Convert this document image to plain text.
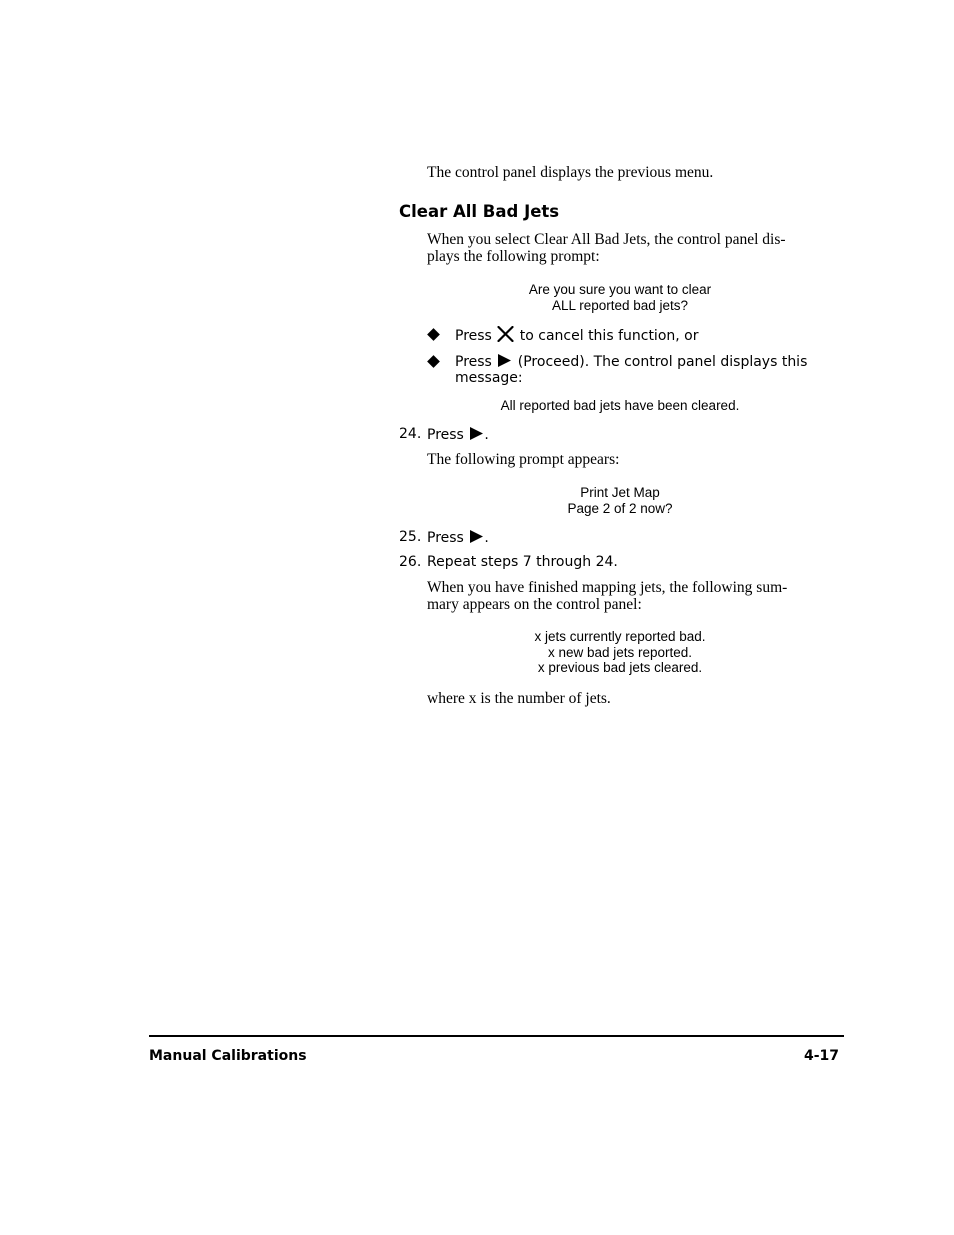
The control panel displays the previous menu.
Clear All Bad Jets
When you select Clear All Bad Jets, the control panel dis-
plays the following prompt:
Are you sure you want to clear
ALL reported bad jets?
Press to cancel this function, or
Press (Proceed). The control panel displays this
message:
All reported bad jets have been cleared.
24. Press .
The following prompt appears:
Print Jet Map
Page 2 of 2 now?
25. Press .
26. Repeat steps 7 through 24.
When you have finished mapping jets, the following sum-
mary appears on the control panel:
x jets currently reported bad.
x new bad jets reported.
x previous bad jets cleared.
where x is the number of jets.
Manual Calibrations	4-17
